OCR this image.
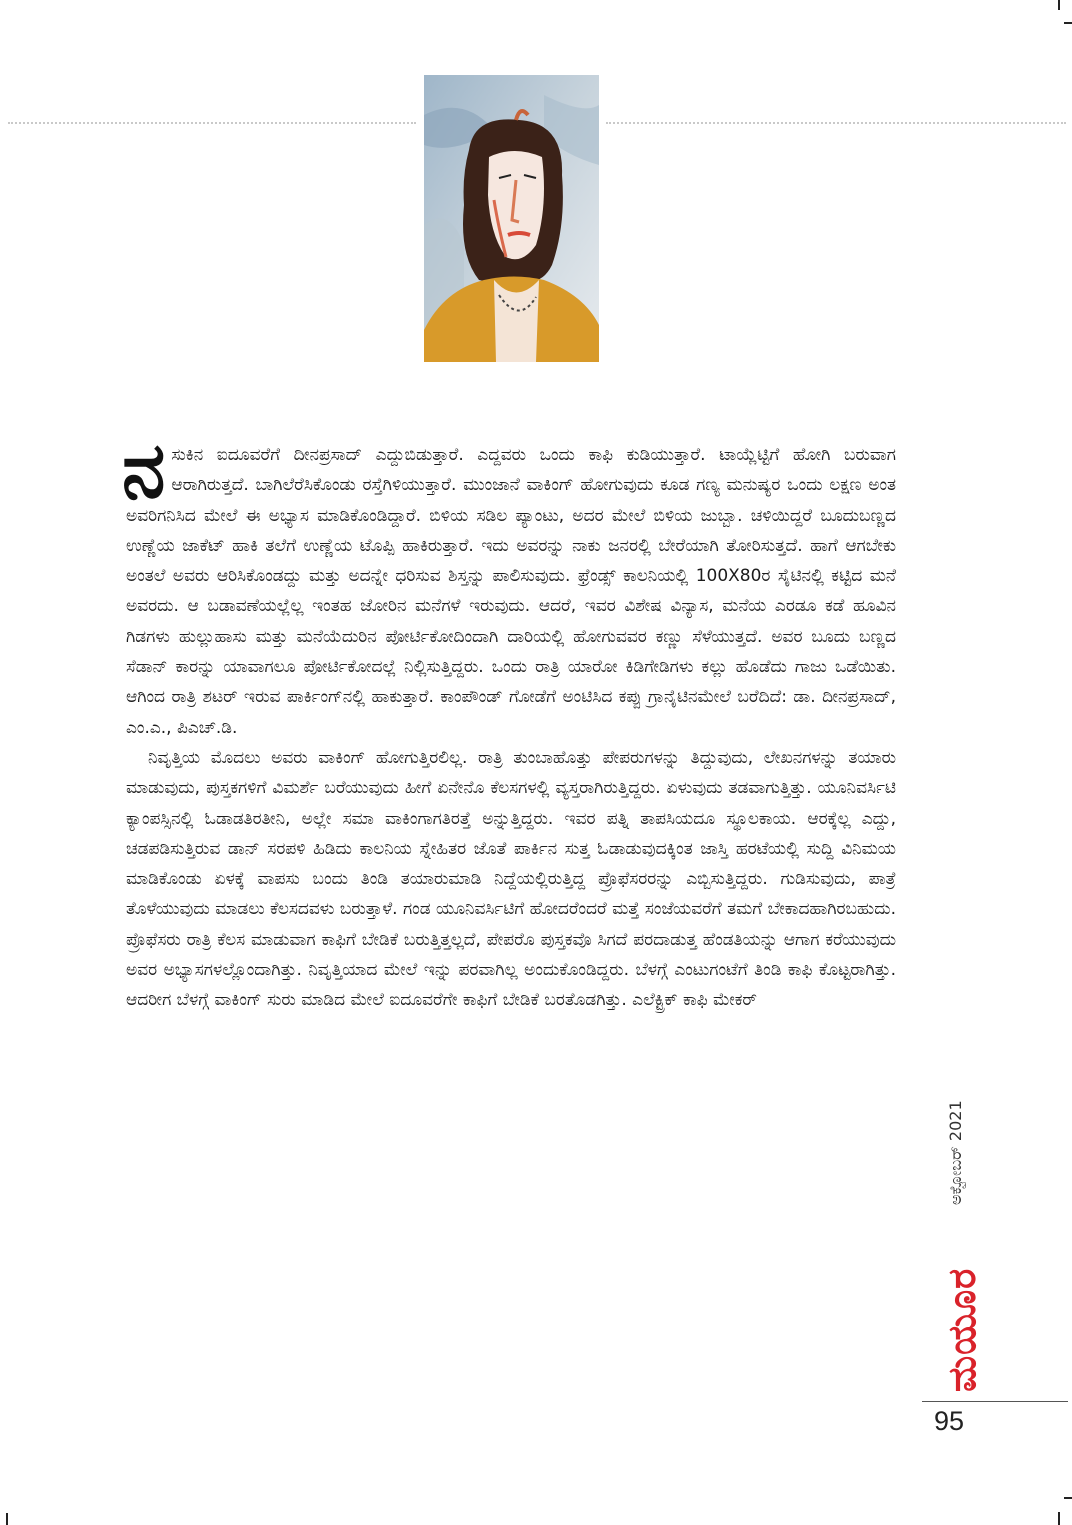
ನಸುಕಿನ ಐದೂವರೆಗೆ ದೀನಪ್ರಸಾದ್ ಎದ್ದುಬಿಡುತ್ತಾರೆ. ಎದ್ದವರು ಒಂದು ಕಾಫಿ ಕುಡಿಯುತ್ತಾರೆ. ಟಾಯ್ಲೆಟ್ಟಿಗೆ ಹೋಗಿ ಬರುವಾಗ ಆರಾಗಿರುತ್ತದೆ. ಬಾಗಿಲೆರೆಸಿಕೊಂಡು ರಸ್ತೆಗಿಳಿಯುತ್ತಾರೆ. ಮುಂಜಾನೆ ವಾಕಿಂಗ್ ಹೋಗುವುದು ಕೂಡ ಗಣ್ಯ ಮನುಷ್ಯರ ಒಂದು ಲಕ್ಷಣ ಅಂತ ಅವರಿಗನಿಸಿದ ಮೇಲೆ ಈ ಅಭ್ಯಾಸ ಮಾಡಿಕೊಂಡಿದ್ದಾರೆ. ಬಿಳಿಯ ಸಡಿಲ ಪ್ಯಾಂಟು, ಅದರ ಮೇಲೆ ಬಿಳಿಯ ಜುಬ್ಬಾ. ಚಳಿಯಿದ್ದರೆ ಬೂದುಬಣ್ಣದ ಉಣ್ಣೆಯ ಜಾಕೆಟ್ ಹಾಕಿ ತಲೆಗೆ ಉಣ್ಣೆಯ ಟೊಪ್ಪಿ ಹಾಕಿರುತ್ತಾರೆ. ಇದು ಅವರನ್ನು ನಾಕು ಜನರಲ್ಲಿ ಬೇರೆಯಾಗಿ ತೋರಿಸುತ್ತದೆ. ಹಾಗೆ ಆಗಬೇಕು ಅಂತಲೆ ಅವರು ಆರಿಸಿಕೊಂಡದ್ದು ಮತ್ತು ಅದನ್ನೇ ಧರಿಸುವ ಶಿಸ್ತನ್ನು ಪಾಲಿಸುವುದು. ಫ್ರೆಂಡ್ಸ್ ಕಾಲನಿಯಲ್ಲಿ 100X80ರ ಸೈಟಿನಲ್ಲಿ ಕಟ್ಟಿದ ಮನೆ ಅವರದು. ಆ ಬಡಾವಣೆಯಲ್ಲೆಲ್ಲ ಇಂತಹ ಜೋರಿನ ಮನೆಗಳೆ ಇರುವುದು. ಆದರೆ, ಇವರ ವಿಶೇಷ ವಿನ್ಯಾಸ, ಮನೆಯ ಎರಡೂ ಕಡೆ ಹೂವಿನ ಗಿಡಗಳು ಹುಲ್ಲುಹಾಸು ಮತ್ತು ಮನೆಯೆದುರಿನ ಪೋರ್ಟಿಕೋದಿಂದಾಗಿ ದಾರಿಯಲ್ಲಿ ಹೋಗುವವರ ಕಣ್ಣು ಸೆಳೆಯುತ್ತದೆ. ಅವರ ಬೂದು ಬಣ್ಣದ ಸೆಡಾನ್ ಕಾರನ್ನು ಯಾವಾಗಲೂ ಪೋರ್ಟಿಕೋದಲ್ಲೆ ನಿಲ್ಲಿಸುತ್ತಿದ್ದರು. ಒಂದು ರಾತ್ರಿ ಯಾರೋ ಕಿಡಿಗೇಡಿಗಳು ಕಲ್ಲು ಹೊಡೆದು ಗಾಜು ಒಡೆಯಿತು. ಆಗಿಂದ ರಾತ್ರಿ ಶಟರ್ ಇರುವ ಪಾರ್ಕಿಂಗ್‌ನಲ್ಲಿ ಹಾಕುತ್ತಾರೆ. ಕಾಂಪೌಂಡ್ ಗೋಡೆಗೆ ಅಂಟಿಸಿದ ಕಪ್ಪು ಗ್ರಾನೈಟಿನಮೇಲೆ ಬರೆದಿದೆ: ಡಾ. ದೀನಪ್ರಸಾದ್, ಎಂ.ಎ., ಪಿಎಚ್.ಡಿ.

ನಿವೃತ್ತಿಯ ಮೊದಲು ಅವರು ವಾಕಿಂಗ್ ಹೋಗುತ್ತಿರಲಿಲ್ಲ. ರಾತ್ರಿ ತುಂಬಾಹೊತ್ತು ಪೇಪರುಗಳನ್ನು ತಿದ್ದುವುದು, ಲೇಖನಗಳನ್ನು ತಯಾರು ಮಾಡುವುದು, ಪುಸ್ತಕಗಳಿಗೆ ವಿಮರ್ಶೆ ಬರೆಯುವುದು ಹೀಗೆ ಏನೇನೊ ಕೆಲಸಗಳಲ್ಲಿ ವ್ಯಸ್ತರಾಗಿರುತ್ತಿದ್ದರು. ಏಳುವುದು ತಡವಾಗುತ್ತಿತ್ತು. ಯೂನಿವರ್ಸಿಟಿ ಕ್ಯಾಂಪಸ್ಸಿನಲ್ಲಿ ಓಡಾಡತಿರತೀನಿ, ಅಲ್ಲೇ ಸಮಾ ವಾಕಿಂಗಾಗತಿರತ್ತೆ ಅನ್ನುತ್ತಿದ್ದರು. ಇವರ ಪತ್ನಿ ತಾಪಸಿಯದೂ ಸ್ಥೂಲಕಾಯ. ಆರಕ್ಕೆಲ್ಲ ಎದ್ದು, ಚಡಪಡಿಸುತ್ತಿರುವ ಡಾನ್ ಸರಪಳಿ ಹಿಡಿದು ಕಾಲನಿಯ ಸ್ನೇಹಿತರ ಜೊತೆ ಪಾರ್ಕಿನ ಸುತ್ತ ಓಡಾಡುವುದಕ್ಕಿಂತ ಜಾಸ್ತಿ ಹರಟೆಯಲ್ಲಿ ಸುದ್ದಿ ವಿನಿಮಯ ಮಾಡಿಕೊಂಡು ಏಳಕ್ಕೆ ವಾಪಸು ಬಂದು ತಿಂಡಿ ತಯಾರುಮಾಡಿ ನಿದ್ದೆಯಲ್ಲಿರುತ್ತಿದ್ದ ಪ್ರೊಫೆಸರರನ್ನು ಎಬ್ಬಿಸುತ್ತಿದ್ದರು. ಗುಡಿಸುವುದು, ಪಾತ್ರೆ ತೊಳೆಯುವುದು ಮಾಡಲು ಕೆಲಸದವಳು ಬರುತ್ತಾಳೆ. ಗಂಡ ಯೂನಿವರ್ಸಿಟಿಗೆ ಹೋದರೆಂದರೆ ಮತ್ತೆ ಸಂಜೆಯವರೆಗೆ ತಮಗೆ ಬೇಕಾದಹಾಗಿರಬಹುದು. ಪ್ರೊಫೆಸರು ರಾತ್ರಿ ಕೆಲಸ ಮಾಡುವಾಗ ಕಾಫಿಗೆ ಬೇಡಿಕೆ ಬರುತ್ತಿತ್ತಲ್ಲದೆ, ಪೇಪರೊ ಪುಸ್ತಕವೊ ಸಿಗದೆ ಪರದಾಡುತ್ತ ಹೆಂಡತಿಯನ್ನು ಆಗಾಗ ಕರೆಯುವುದು ಅವರ ಅಭ್ಯಾಸಗಳಲ್ಲೊಂದಾಗಿತ್ತು. ನಿವೃತ್ತಿಯಾದ ಮೇಲೆ ಇನ್ನು ಪರವಾಗಿಲ್ಲ ಅಂದುಕೊಂಡಿದ್ದರು. ಬೆಳಗ್ಗೆ ಎಂಟುಗಂಟೆಗೆ ತಿಂಡಿ ಕಾಫಿ ಕೊಟ್ಟರಾಗಿತ್ತು. ಆದರೀಗ ಬೆಳಗ್ಗೆ ವಾಕಿಂಗ್ ಸುರು ಮಾಡಿದ ಮೇಲೆ ಐದೂವರೆಗೇ ಕಾಫಿಗೆ ಬೇಡಿಕೆ ಬರತೊಡಗಿತ್ತು. ಎಲೆಕ್ಟ್ರಿಕ್ ಕಾಫಿ ಮೇಕರ್

ಅಕ್ಟೋಬರ್ 2021
ಮಯೂರ
95
